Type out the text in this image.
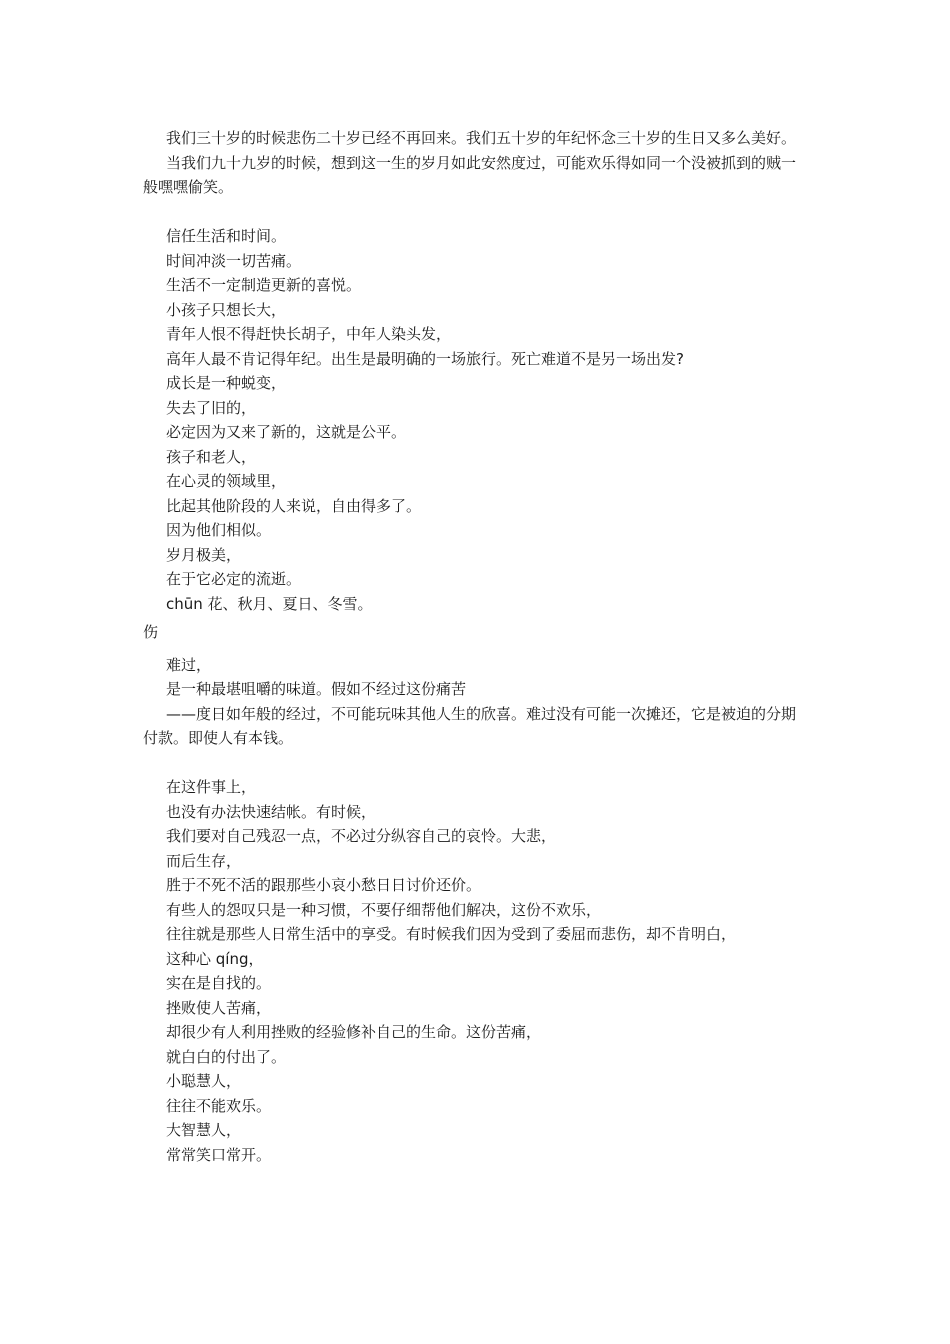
我们三十岁的时候悲伤二十岁已经不再回来。我们五十岁的年纪怀念三十岁的生日又多么美好。

当我们九十九岁的时候，想到这一生的岁月如此安然度过，可能欢乐得如同一个没被抓到的贼一般嘿嘿偷笑。

信任生活和时间。

时间冲淡一切苦痛。

生活不一定制造更新的喜悦。

小孩子只想长大，

青年人恨不得赶快长胡子，中年人染头发，

高年人最不肯记得年纪。出生是最明确的一场旅行。死亡难道不是另一场出发?

成长是一种蜕变，

失去了旧的，

必定因为又来了新的，这就是公平。

孩子和老人，

在心灵的领域里，

比起其他阶段的人来说，自由得多了。

因为他们相似。

岁月极美，

在于它必定的流逝。

chūn 花、秋月、夏日、冬雪。

伤

难过，

是一种最堪咀嚼的味道。假如不经过这份痛苦

——度日如年般的经过，不可能玩味其他人生的欣喜。难过没有可能一次摊还，它是被迫的分期付款。即使人有本钱。

在这件事上，

也没有办法快速结帐。有时候，

我们要对自己残忍一点，不必过分纵容自己的哀怜。大悲，

而后生存，

胜于不死不活的跟那些小哀小愁日日讨价还价。

有些人的怨叹只是一种习惯，不要仔细帮他们解决，这份不欢乐，

往往就是那些人日常生活中的享受。有时候我们因为受到了委屈而悲伤，却不肯明白，

这种心 qíng，

实在是自找的。

挫败使人苦痛，

却很少有人利用挫败的经验修补自己的生命。这份苦痛，

就白白的付出了。

小聪慧人，

往往不能欢乐。

大智慧人，

常常笑口常开。
